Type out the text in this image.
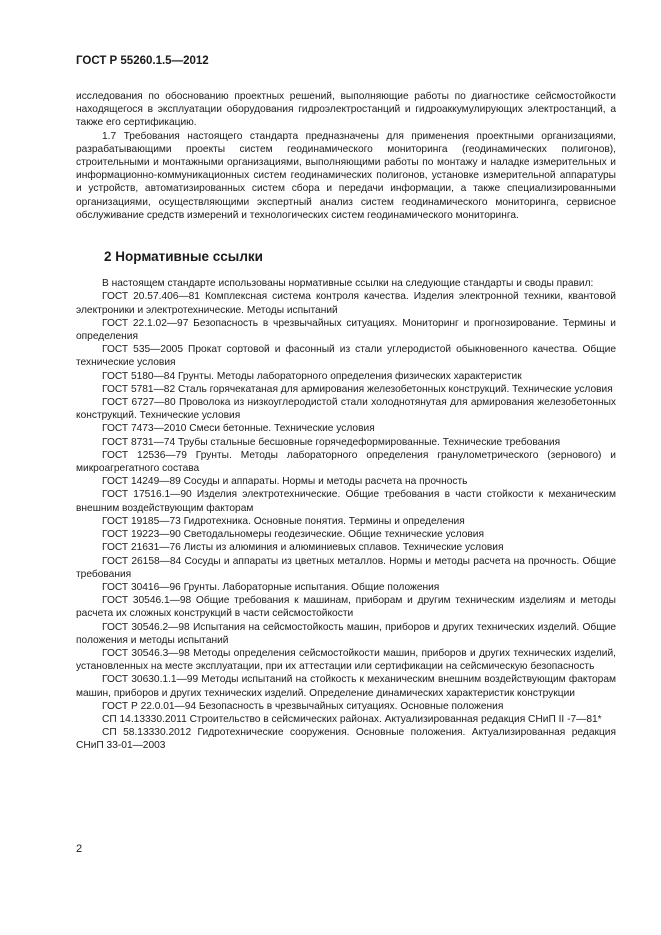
ГОСТ Р 55260.1.5—2012

исследования по обоснованию проектных решений, выполняющие работы по диагностике сейсмостойкости находящегося в эксплуатации оборудования гидроэлектростанций и гидроаккумулирующих электростанций, а также его сертификацию.

1.7 Требования настоящего стандарта предназначены для применения проектными организациями, разрабатывающими проекты систем геодинамического мониторинга (геодинамических полигонов), строительными и монтажными организациями, выполняющими работы по монтажу и наладке измерительных и информационно-коммуникационных систем геодинамических полигонов, установке измерительной аппаратуры и устройств, автоматизированных систем сбора и передачи информации, а также специализированными организациями, осуществляющими экспертный анализ систем геодинамического мониторинга, сервисное обслуживание средств измерений и технологических систем геодинамического мониторинга.

2 Нормативные ссылки

В настоящем стандарте использованы нормативные ссылки на следующие стандарты и своды правил:

ГОСТ 20.57.406—81 Комплексная система контроля качества. Изделия электронной техники, квантовой электроники и электротехнические. Методы испытаний

ГОСТ 22.1.02—97 Безопасность в чрезвычайных ситуациях. Мониторинг и прогнозирование. Термины и определения

ГОСТ 535—2005 Прокат сортовой и фасонный из стали углеродистой обыкновенного качества. Общие технические условия

ГОСТ 5180—84 Грунты. Методы лабораторного определения физических характеристик

ГОСТ 5781—82 Сталь горячекатаная для армирования железобетонных конструкций. Технические условия

ГОСТ 6727—80 Проволока из низкоуглеродистой стали холоднотянутая для армирования железобетонных конструкций. Технические условия

ГОСТ 7473—2010 Смеси бетонные. Технические условия

ГОСТ 8731—74 Трубы стальные бесшовные горячедеформированные. Технические требования

ГОСТ 12536—79 Грунты. Методы лабораторного определения гранулометрического (зернового) и микроагрегатного состава

ГОСТ 14249—89 Сосуды и аппараты. Нормы и методы расчета на прочность

ГОСТ 17516.1—90 Изделия электротехнические. Общие требования в части стойкости к механическим внешним воздействующим факторам

ГОСТ 19185—73 Гидротехника. Основные понятия. Термины и определения

ГОСТ 19223—90 Светодальномеры геодезические. Общие технические условия

ГОСТ 21631—76 Листы из алюминия и алюминиевых сплавов. Технические условия

ГОСТ 26158—84 Сосуды и аппараты из цветных металлов. Нормы и методы расчета на прочность. Общие требования

ГОСТ 30416—96 Грунты. Лабораторные испытания. Общие положения

ГОСТ 30546.1—98 Общие требования к машинам, приборам и другим техническим изделиям и методы расчета их сложных конструкций в части сейсмостойкости

ГОСТ 30546.2—98 Испытания на сейсмостойкость машин, приборов и других технических изделий. Общие положения и методы испытаний

ГОСТ 30546.3—98 Методы определения сейсмостойкости машин, приборов и других технических изделий, установленных на месте эксплуатации, при их аттестации или сертификации на сейсмическую безопасность

ГОСТ 30630.1.1—99 Методы испытаний на стойкость к механическим внешним воздействующим факторам машин, приборов и других технических изделий. Определение динамических характеристик конструкции

ГОСТ Р 22.0.01—94 Безопасность в чрезвычайных ситуациях. Основные положения

СП 14.13330.2011 Строительство в сейсмических районах. Актуализированная редакция СНиП II -7—81*

СП 58.13330.2012 Гидротехнические сооружения. Основные положения. Актуализированная редакция СНиП 33-01—2003

2
